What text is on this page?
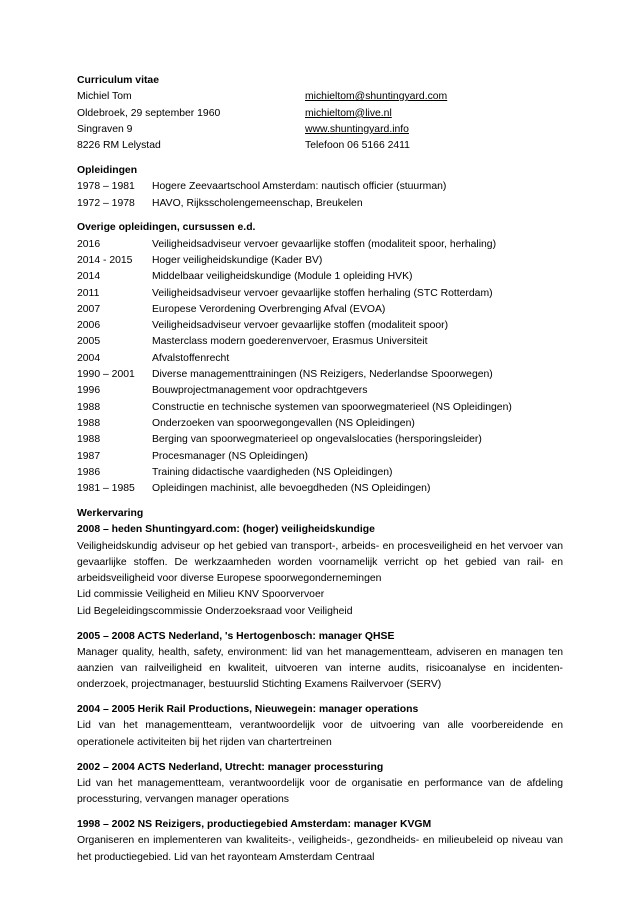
Curriculum vitae
Michiel Tom	michieltom@shuntingyard.com
Oldebroek, 29 september 1960	michieltom@live.nl
Singraven 9	www.shuntingyard.info
8226 RM Lelystad	Telefoon 06 5166 2411
Opleidingen
1978 – 1981	Hogere Zeevaartschool Amsterdam: nautisch officier (stuurman)
1972 – 1978	HAVO, Rijksscholengemeenschap, Breukelen
Overige opleidingen, cursussen e.d.
2016	Veiligheidsadviseur vervoer gevaarlijke stoffen (modaliteit spoor, herhaling)
2014 - 2015	Hoger veiligheidskundige (Kader BV)
2014	Middelbaar veiligheidskundige (Module 1 opleiding HVK)
2011	Veiligheidsadviseur vervoer gevaarlijke stoffen herhaling (STC Rotterdam)
2007	Europese Verordening Overbrenging Afval (EVOA)
2006	Veiligheidsadviseur vervoer gevaarlijke stoffen (modaliteit spoor)
2005	Masterclass modern goederenvervoer, Erasmus Universiteit
2004	Afvalstoffenrecht
1990 – 2001	Diverse managementtrainingen (NS Reizigers, Nederlandse Spoorwegen)
1996	Bouwprojectmanagement voor opdrachtgevers
1988	Constructie en technische systemen van spoorwegmaterieel (NS Opleidingen)
1988	Onderzoeken van spoorwegongevallen (NS Opleidingen)
1988	Berging van spoorwegmaterieel op ongevalslocaties (hersporingsleider)
1987	Procesmanager (NS Opleidingen)
1986	Training didactische vaardigheden (NS Opleidingen)
1981 – 1985	Opleidingen machinist, alle bevoegdheden (NS Opleidingen)
Werkervaring
2008 – heden Shuntingyard.com: (hoger) veiligheidskundige
Veiligheidskundig adviseur op het gebied van transport-, arbeids- en procesveiligheid en het vervoer van gevaarlijke stoffen. De werkzaamheden worden voornamelijk verricht op het gebied van rail- en arbeidsveiligheid voor diverse Europese spoorwegondernemingen
Lid commissie Veiligheid en Milieu KNV Spoorvervoer
Lid Begeleidingscommissie Onderzoeksraad voor Veiligheid
2005 – 2008 ACTS Nederland, 's Hertogenbosch: manager QHSE
Manager quality, health, safety, environment: lid van het managementteam, adviseren en managen ten aanzien van railveiligheid en kwaliteit, uitvoeren van interne audits, risicoanalyse en incidenten-onderzoek, projectmanager, bestuurslid Stichting Examens Railvervoer (SERV)
2004 – 2005 Herik Rail Productions, Nieuwegein: manager operations
Lid van het managementteam, verantwoordelijk voor de uitvoering van alle voorbereidende en operationele activiteiten bij het rijden van chartertreinen
2002 – 2004 ACTS Nederland, Utrecht: manager processturing
Lid van het managementteam, verantwoordelijk voor de organisatie en performance van de afdeling processturing, vervangen manager operations
1998 – 2002 NS Reizigers, productiegebied Amsterdam: manager KVGM
Organiseren en implementeren van kwaliteits-, veiligheids-, gezondheids- en milieubeleid op niveau van het productiegebied. Lid van het rayonteam Amsterdam Centraal
